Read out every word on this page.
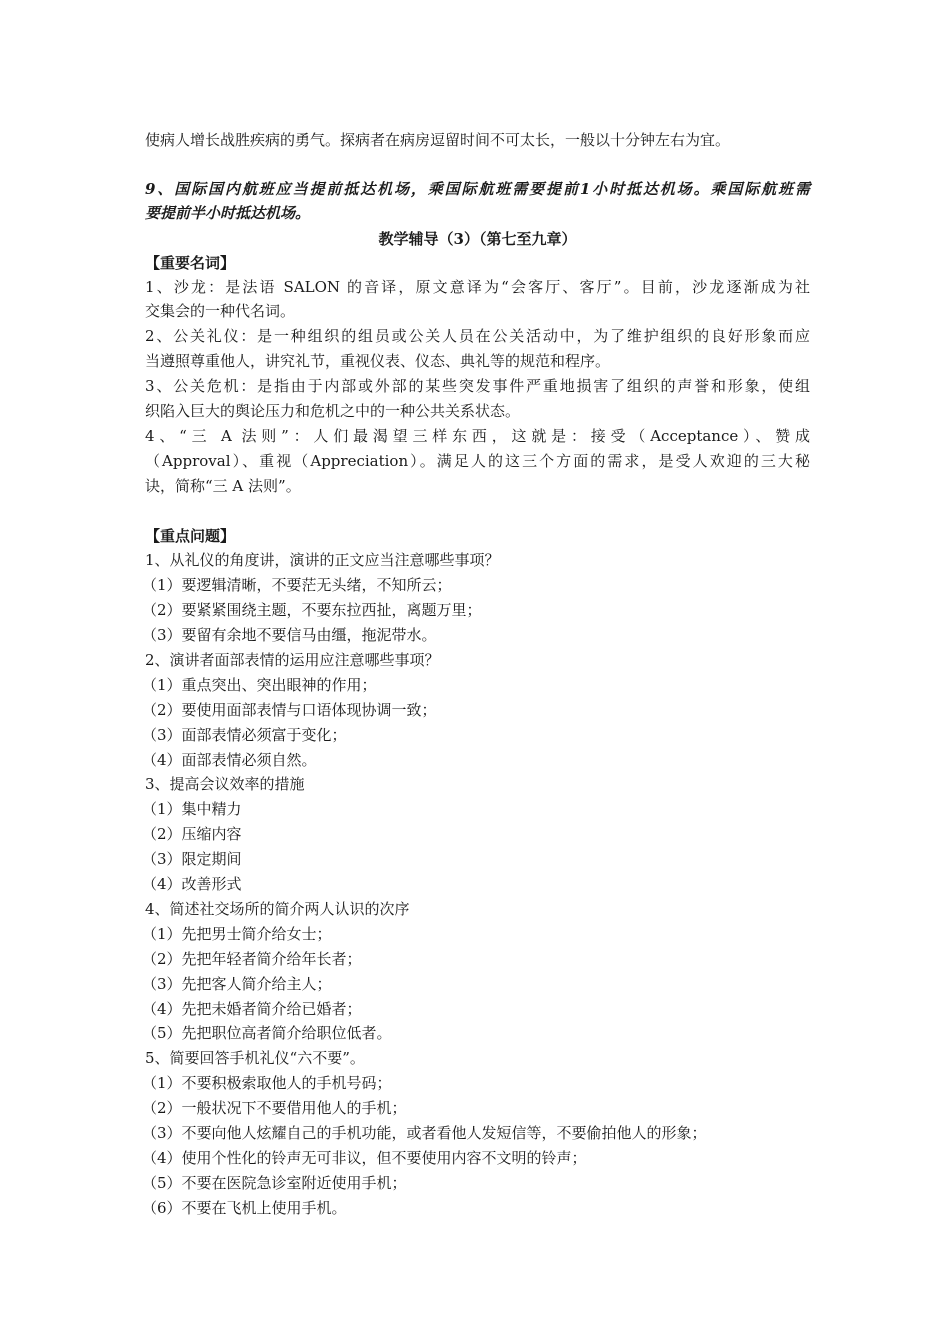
使病人增长战胜疾病的勇气。探病者在病房逗留时间不可太长，一般以十分钟左右为宜。
9、国际国内航班应当提前抵达机场，乘国际航班需要提前1小时抵达机场。乘国际航班需
要提前半小时抵达机场。
教学辅导（3）（第七至九章）
【重要名词】
1、沙龙：是法语 SALON 的音译，原文意译为“会客厅、客厅”。目前，沙龙逐渐成为社
交集会的一种代名词。
2、公关礼仪：是一种组织的组员或公关人员在公关活动中，为了维护组织的良好形象而应
当遵照尊重他人，讲究礼节，重视仪表、仪态、典礼等的规范和程序。
3、公关危机：是指由于内部或外部的某些突发事件严重地损害了组织的声誉和形象，使组
织陷入巨大的舆论压力和危机之中的一种公共关系状态。
4、“三 A 法则”：人们最渴望三样东西，这就是：接受（Acceptance）、赞成
（Approval）、重视（Appreciation）。满足人的这三个方面的需求，是受人欢迎的三大秘
诀，简称“三 A 法则”。
【重点问题】
1、从礼仪的角度讲，演讲的正文应当注意哪些事项？
（1）要逻辑清晰，不要茫无头绪，不知所云；
（2）要紧紧围绕主题，不要东拉西扯，离题万里；
（3）要留有余地不要信马由缰，拖泥带水。
2、演讲者面部表情的运用应注意哪些事项？
（1）重点突出、突出眼神的作用；
（2）要使用面部表情与口语体现协调一致；
（3）面部表情必须富于变化；
（4）面部表情必须自然。
3、提高会议效率的措施
（1）集中精力
（2）压缩内容
（3）限定期间
（4）改善形式
4、简述社交场所的简介两人认识的次序
（1）先把男士简介给女士；
（2）先把年轻者简介给年长者；
（3）先把客人简介给主人；
（4）先把未婚者简介给已婚者；
（5）先把职位高者简介给职位低者。
5、简要回答手机礼仪“六不要”。
（1）不要积极索取他人的手机号码；
（2）一般状况下不要借用他人的手机；
（3）不要向他人炫耀自己的手机功能，或者看他人发短信等，不要偷拍他人的形象；
（4）使用个性化的铃声无可非议，但不要使用内容不文明的铃声；
（5）不要在医院急诊室附近使用手机；
（6）不要在飞机上使用手机。
